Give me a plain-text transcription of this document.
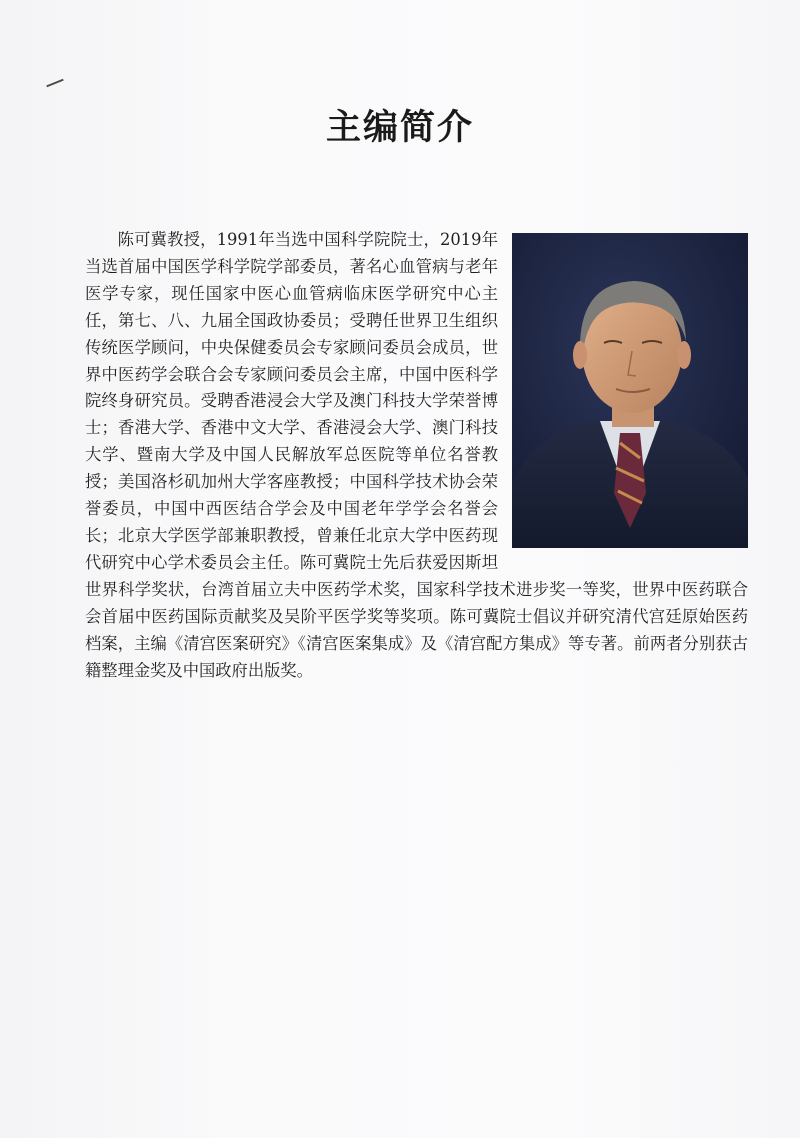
主编简介

陈可冀教授，1991年当选中国科学院院士，2019年当选首届中国医学科学院学部委员，著名心血管病与老年医学专家，现任国家中医心血管病临床医学研究中心主任，第七、八、九届全国政协委员；受聘任世界卫生组织传统医学顾问，中央保健委员会专家顾问委员会成员，世界中医药学会联合会专家顾问委员会主席，中国中医科学院终身研究员。受聘香港浸会大学及澳门科技大学荣誉博士；香港大学、香港中文大学、香港浸会大学、澳门科技大学、暨南大学及中国人民解放军总医院等单位名誉教授；美国洛杉矶加州大学客座教授；中国科学技术协会荣誉委员，中国中西医结合学会及中国老年学学会名誉会长；北京大学医学部兼职教授，曾兼任北京大学中医药现代研究中心学术委员会主任。陈可冀院士先后获爱因斯坦世界科学奖状，台湾首届立夫中医药学术奖，国家科学技术进步奖一等奖，世界中医药联合会首届中医药国际贡献奖及吴阶平医学奖等奖项。陈可冀院士倡议并研究清代宫廷原始医药档案，主编《清宫医案研究》《清宫医案集成》及《清宫配方集成》等专著。前两者分别获古籍整理金奖及中国政府出版奖。
